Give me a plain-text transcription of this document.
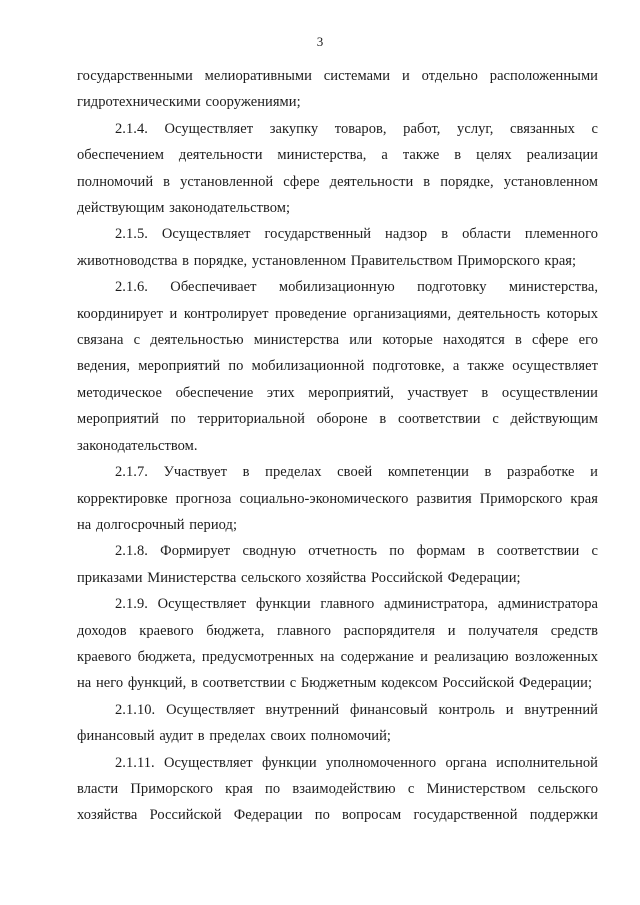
3

государственными мелиоративными системами и отдельно расположенными гидротехническими сооружениями;

2.1.4. Осуществляет закупку товаров, работ, услуг, связанных с обеспечением деятельности министерства, а также в целях реализации полномочий в установленной сфере деятельности в порядке, установленном действующим законодательством;

2.1.5. Осуществляет государственный надзор в области племенного животноводства в порядке, установленном Правительством Приморского края;

2.1.6. Обеспечивает мобилизационную подготовку министерства, координирует и контролирует проведение организациями, деятельность которых связана с деятельностью министерства или которые находятся в сфере его ведения, мероприятий по мобилизационной подготовке, а также осуществляет методическое обеспечение этих мероприятий, участвует в осуществлении мероприятий по территориальной обороне в соответствии с действующим законодательством.

2.1.7. Участвует в пределах своей компетенции в разработке и корректировке прогноза социально-экономического развития Приморского края на долгосрочный период;

2.1.8. Формирует сводную отчетность по формам в соответствии с приказами Министерства сельского хозяйства Российской Федерации;

2.1.9. Осуществляет функции главного администратора, администратора доходов краевого бюджета, главного распорядителя и получателя средств краевого бюджета, предусмотренных на содержание и реализацию возложенных на него функций, в соответствии с Бюджетным кодексом Российской Федерации;

2.1.10. Осуществляет внутренний финансовый контроль и внутренний финансовый аудит в пределах своих полномочий;

2.1.11. Осуществляет функции уполномоченного органа исполнительной власти Приморского края по взаимодействию с Министерством сельского хозяйства Российской Федерации по вопросам государственной поддержки
